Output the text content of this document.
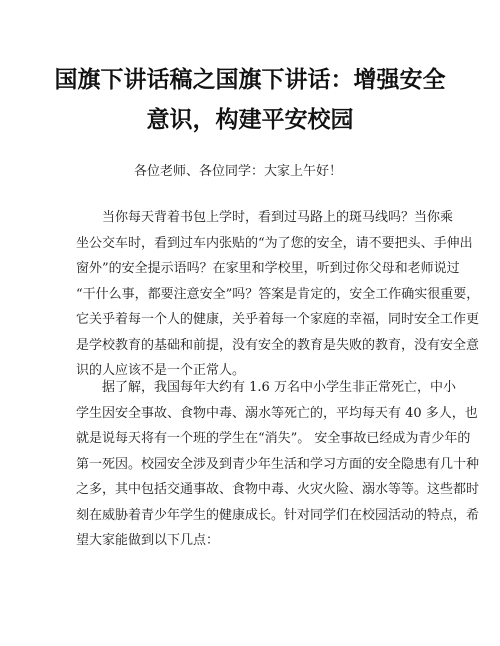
国旗下讲话稿之国旗下讲话：增强安全
意识，构建平安校园
各位老师、各位同学：大家上午好！
　　当你每天背着书包上学时，看到过马路上的斑马线吗？当你乘
坐公交车时，看到过车内张贴的“为了您的安全，请不要把头、手伸出
窗外”的安全提示语吗？在家里和学校里，听到过你父母和老师说过
“干什么事，都要注意安全”吗？答案是肯定的，安全工作确实很重要，
它关乎着每一个人的健康，关乎着每一个家庭的幸福，同时安全工作更
是学校教育的基础和前提，没有安全的教育是失败的教育，没有安全意
识的人应该不是一个正常人。
　　据了解，我国每年大约有 1.6 万名中小学生非正常死亡，中小
学生因安全事故、食物中毒、溺水等死亡的，平均每天有 40 多人，也
就是说每天将有一个班的学生在“消失”。 安全事故已经成为青少年的
第一死因。校园安全涉及到青少年生活和学习方面的安全隐患有几十种
之多，其中包括交通事故、食物中毒、火灾火险、溺水等等。这些都时
刻在威胁着青少年学生的健康成长。针对同学们在校园活动的特点，希
望大家能做到以下几点：
